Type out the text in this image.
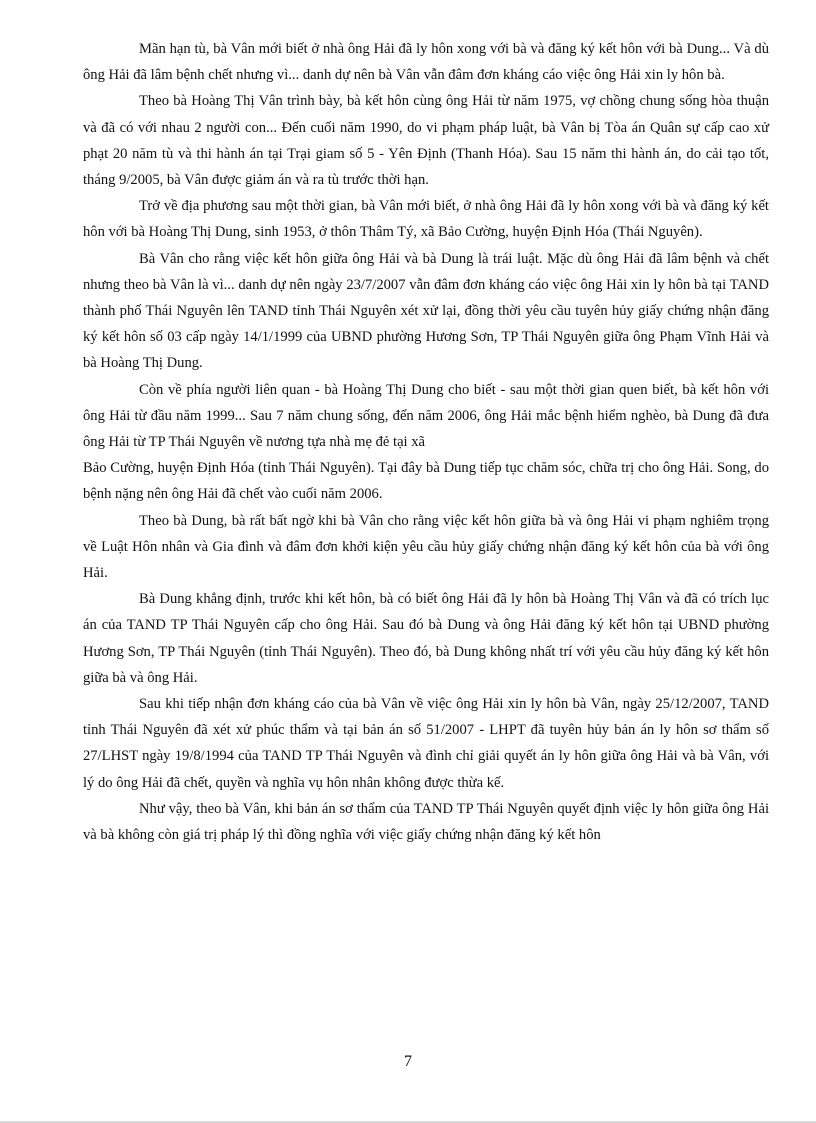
Mãn hạn tù, bà Vân mới biết ở nhà ông Hải đã ly hôn xong với bà và đăng ký kết hôn với bà Dung... Và dù ông Hải đã lâm bệnh chết nhưng vì... danh dự nên bà Vân vẫn đâm đơn kháng cáo việc ông Hải xin ly hôn bà.

Theo bà Hoàng Thị Vân trình bày, bà kết hôn cùng ông Hải từ năm 1975, vợ chồng chung sống hòa thuận và đã có với nhau 2 người con... Đến cuối năm 1990, do vi phạm pháp luật, bà Vân bị Tòa án Quân sự cấp cao xử phạt 20 năm tù và thi hành án tại Trại giam số 5 - Yên Định (Thanh Hóa). Sau 15 năm thi hành án, do cải tạo tốt, tháng 9/2005, bà Vân được giảm án và ra tù trước thời hạn.

Trở về địa phương sau một thời gian, bà Vân mới biết, ở nhà ông Hải đã ly hôn xong với bà và đăng ký kết hôn với bà Hoàng Thị Dung, sinh 1953, ở thôn Thâm Tý, xã Bảo Cường, huyện Định Hóa (Thái Nguyên).

Bà Vân cho rằng việc kết hôn giữa ông Hải và bà Dung là trái luật. Mặc dù ông Hải đã lâm bệnh và chết nhưng theo bà Vân là vì... danh dự nên ngày 23/7/2007 vẫn đâm đơn kháng cáo việc ông Hải xin ly hôn bà tại TAND thành phố Thái Nguyên lên TAND tỉnh Thái Nguyên xét xử lại, đồng thời yêu cầu tuyên hủy giấy chứng nhận đăng ký kết hôn số 03 cấp ngày 14/1/1999 của UBND phường Hương Sơn, TP Thái Nguyên giữa ông Phạm Vĩnh Hải và bà Hoàng Thị Dung.

Còn về phía người liên quan - bà Hoàng Thị Dung cho biết - sau một thời gian quen biết, bà kết hôn với ông Hải từ đầu năm 1999... Sau 7 năm chung sống, đến năm 2006, ông Hải mắc bệnh hiểm nghèo, bà Dung đã đưa ông Hải từ TP Thái Nguyên về nương tựa nhà mẹ đẻ tại xã

Bảo Cường, huyện Định Hóa (tỉnh Thái Nguyên). Tại đây bà Dung tiếp tục chăm sóc, chữa trị cho ông Hải. Song, do bệnh nặng nên ông Hải đã chết vào cuối năm 2006.

Theo bà Dung, bà rất bất ngờ khi bà Vân cho rằng việc kết hôn giữa bà và ông Hải vi phạm nghiêm trọng về Luật Hôn nhân và Gia đình và đâm đơn khởi kiện yêu cầu hủy giấy chứng nhận đăng ký kết hôn của bà với ông Hải.

Bà Dung khẳng định, trước khi kết hôn, bà có biết ông Hải đã ly hôn bà Hoàng Thị Vân và đã có trích lục án của TAND TP Thái Nguyên cấp cho ông Hải. Sau đó bà Dung và ông Hải đăng ký kết hôn tại UBND phường Hương Sơn, TP Thái Nguyên (tỉnh Thái Nguyên). Theo đó, bà Dung không nhất trí với yêu cầu hủy đăng ký kết hôn giữa bà và ông Hải.

Sau khi tiếp nhận đơn kháng cáo của bà Vân về việc ông Hải xin ly hôn bà Vân, ngày 25/12/2007, TAND tỉnh Thái Nguyên đã xét xử phúc thẩm và tại bản án số 51/2007 - LHPT đã tuyên hủy bản án ly hôn sơ thẩm số 27/LHST ngày 19/8/1994 của TAND TP Thái Nguyên và đình chỉ giải quyết án ly hôn giữa ông Hải và bà Vân, với lý do ông Hải đã chết, quyền và nghĩa vụ hôn nhân không được thừa kế.

Như vậy, theo bà Vân, khi bản án sơ thẩm của TAND TP Thái Nguyên quyết định việc ly hôn giữa ông Hải và bà không còn giá trị pháp lý thì đồng nghĩa với việc giấy chứng nhận đăng ký kết hôn

7
